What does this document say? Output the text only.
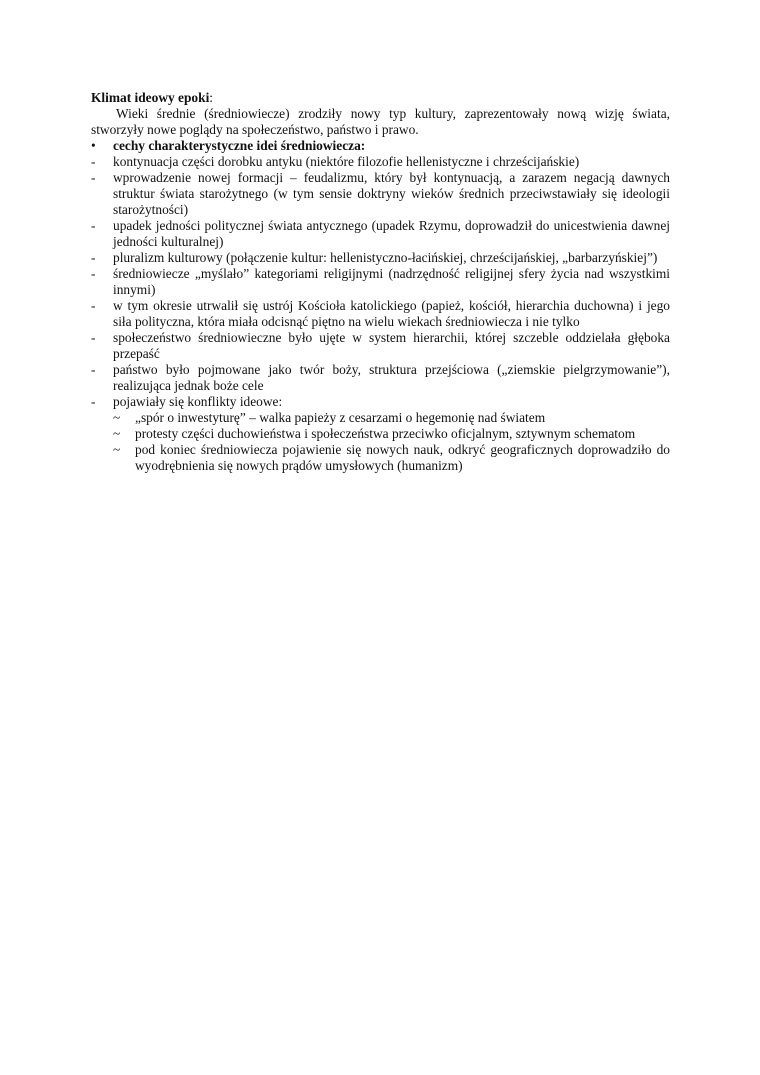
Klimat ideowy epoki:

Wieki średnie (średniowiecze) zrodziły nowy typ kultury, zaprezentowały nową wizję świata, stworzyły nowe poglądy na społeczeństwo, państwo i prawo.

• cechy charakterystyczne idei średniowiecza:
- kontynuacja części dorobku antyku (niektóre filozofie hellenistyczne i chrześcijańskie)
- wprowadzenie nowej formacji – feudalizmu, który był kontynuacją, a zarazem negacją dawnych struktur świata starożytnego (w tym sensie doktryny wieków średnich przeciwstawiały się ideologii starożytności)
- upadek jedności politycznej świata antycznego (upadek Rzymu, doprowadził do unicestwienia dawnej jedności kulturalnej)
- pluralizm kulturowy (połączenie kultur: hellenistyczno-łacińskiej, chrześcijańskiej, „barbarzyńskiej”)
- średniowiecze „myślało” kategoriami religijnymi (nadrzędność religijnej sfery życia nad wszystkimi innymi)
- w tym okresie utrwalił się ustrój Kościoła katolickiego (papież, kościół, hierarchia duchowna) i jego siła polityczna, która miała odcisnąć piętno na wielu wiekach średniowiecza i nie tylko
- społeczeństwo średniowieczne było ujęte w system hierarchii, której szczeble oddzielała głęboka przepaść
- państwo było pojmowane jako twór boży, struktura przejściowa („ziemskie pielgrzymowanie”), realizująca jednak boże cele
- pojawiały się konflikty ideowe:
~ „spór o inwestyturę” – walka papieży z cesarzami o hegemonię nad światem
~ protesty części duchowieństwa i społeczeństwa przeciwko oficjalnym, sztywnym schematom
~ pod koniec średniowiecza pojawienie się nowych nauk, odkryć geograficznych doprowadziło do wyodrębnienia się nowych prądów umysłowych (humanizm)
